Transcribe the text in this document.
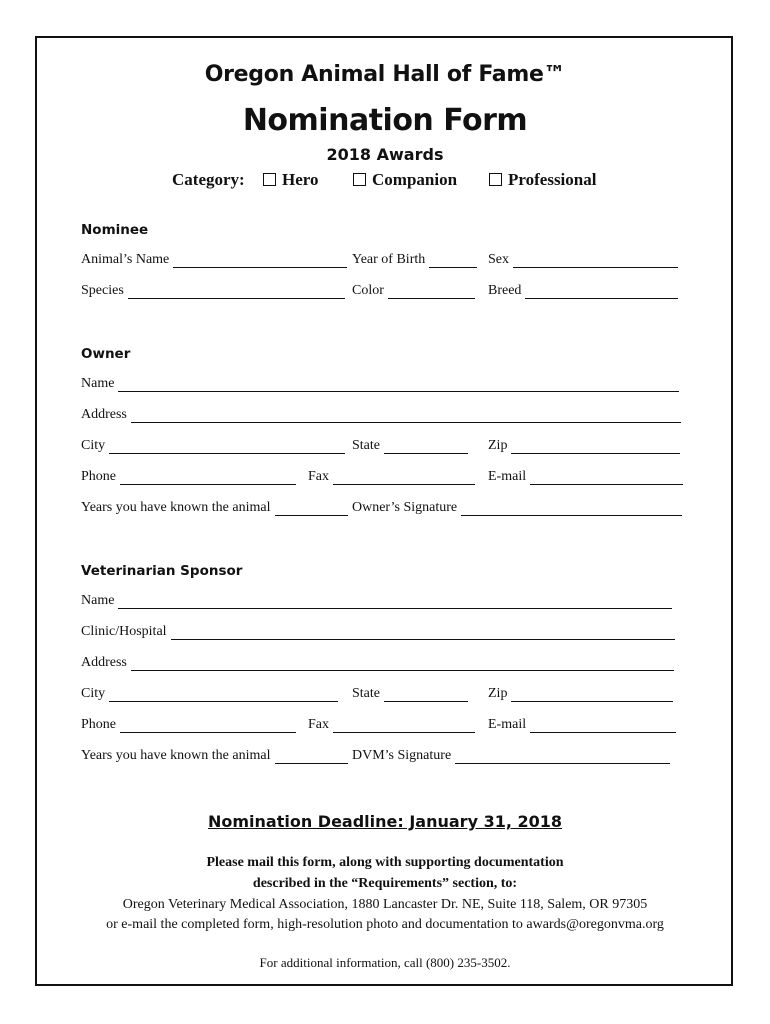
Oregon Animal Hall of Fame™
Nomination Form
2018 Awards
Category:	Hero	Companion	Professional
Nominee
Animal’s Name	Year of Birth	Sex
Species	Color	Breed
Owner
Name
Address
City	State	Zip
Phone	Fax	E-mail
Years you have known the animal	Owner’s Signature
Veterinarian Sponsor
Name
Clinic/Hospital
Address
City	State	Zip
Phone	Fax	E-mail
Years you have known the animal	DVM’s Signature
Nomination Deadline: January 31, 2018
Please mail this form, along with supporting documentation
described in the “Requirements” section, to:
Oregon Veterinary Medical Association, 1880 Lancaster Dr. NE, Suite 118, Salem, OR 97305
or e-mail the completed form, high-resolution photo and documentation to awards@oregonvma.org
For additional information, call (800) 235-3502.
